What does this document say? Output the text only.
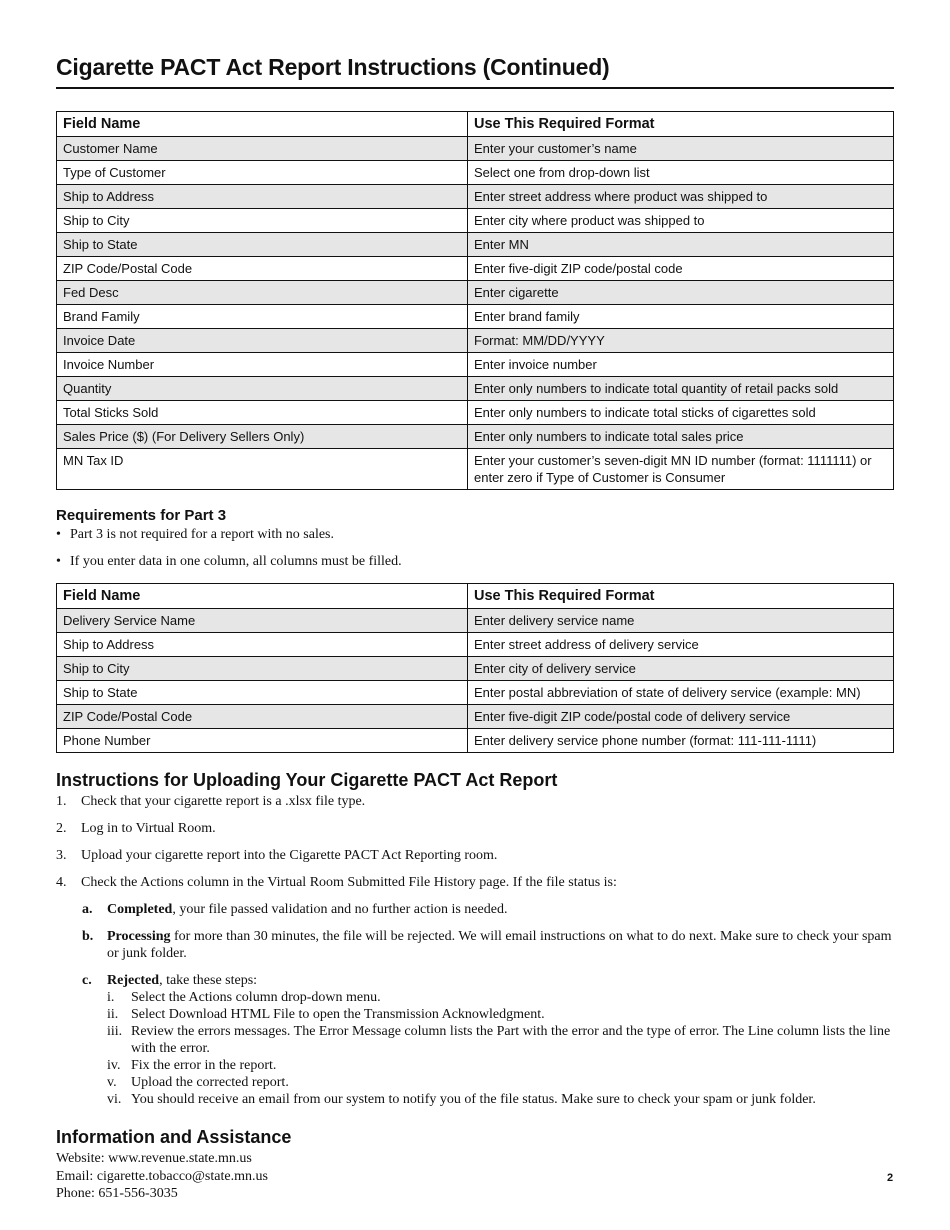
Cigarette PACT Act Report Instructions (Continued)
Field Name	Use This Required Format
Customer Name	Enter your customer’s name
Type of Customer	Select one from drop-down list
Ship to Address	Enter street address where product was shipped to
Ship to City	Enter city where product was shipped to
Ship to State	Enter MN
ZIP Code/Postal Code	Enter five-digit ZIP code/postal code
Fed Desc	Enter cigarette
Brand Family	Enter brand family
Invoice Date	Format: MM/DD/YYYY
Invoice Number	Enter invoice number
Quantity	Enter only numbers to indicate total quantity of retail packs sold
Total Sticks Sold	Enter only numbers to indicate total sticks of cigarettes sold
Sales Price ($) (For Delivery Sellers Only)	Enter only numbers to indicate total sales price
MN Tax ID	Enter your customer’s seven-digit MN ID number (format: 1111111) or enter zero if Type of Customer is Consumer
Requirements for Part 3
• Part 3 is not required for a report with no sales.
• If you enter data in one column, all columns must be filled.
Field Name	Use This Required Format
Delivery Service Name	Enter delivery service name
Ship to Address	Enter street address of delivery service
Ship to City	Enter city of delivery service
Ship to State	Enter postal abbreviation of state of delivery service (example: MN)
ZIP Code/Postal Code	Enter five-digit ZIP code/postal code of delivery service
Phone Number	Enter delivery service phone number (format: 111-111-1111)
Instructions for Uploading Your Cigarette PACT Act Report
1. Check that your cigarette report is a .xlsx file type.
2. Log in to Virtual Room.
3. Upload your cigarette report into the Cigarette PACT Act Reporting room.
4. Check the Actions column in the Virtual Room Submitted File History page. If the file status is:
a. Completed, your file passed validation and no further action is needed.
b. Processing for more than 30 minutes, the file will be rejected. We will email instructions on what to do next. Make sure to check your spam or junk folder.
c. Rejected, take these steps:
i. Select the Actions column drop-down menu.
ii. Select Download HTML File to open the Transmission Acknowledgment.
iii. Review the errors messages. The Error Message column lists the Part with the error and the type of error. The Line column lists the line with the error.
iv. Fix the error in the report.
v. Upload the corrected report.
vi. You should receive an email from our system to notify you of the file status. Make sure to check your spam or junk folder.
Information and Assistance
Website: www.revenue.state.mn.us
Email: cigarette.tobacco@state.mn.us
Phone: 651-556-3035
2
